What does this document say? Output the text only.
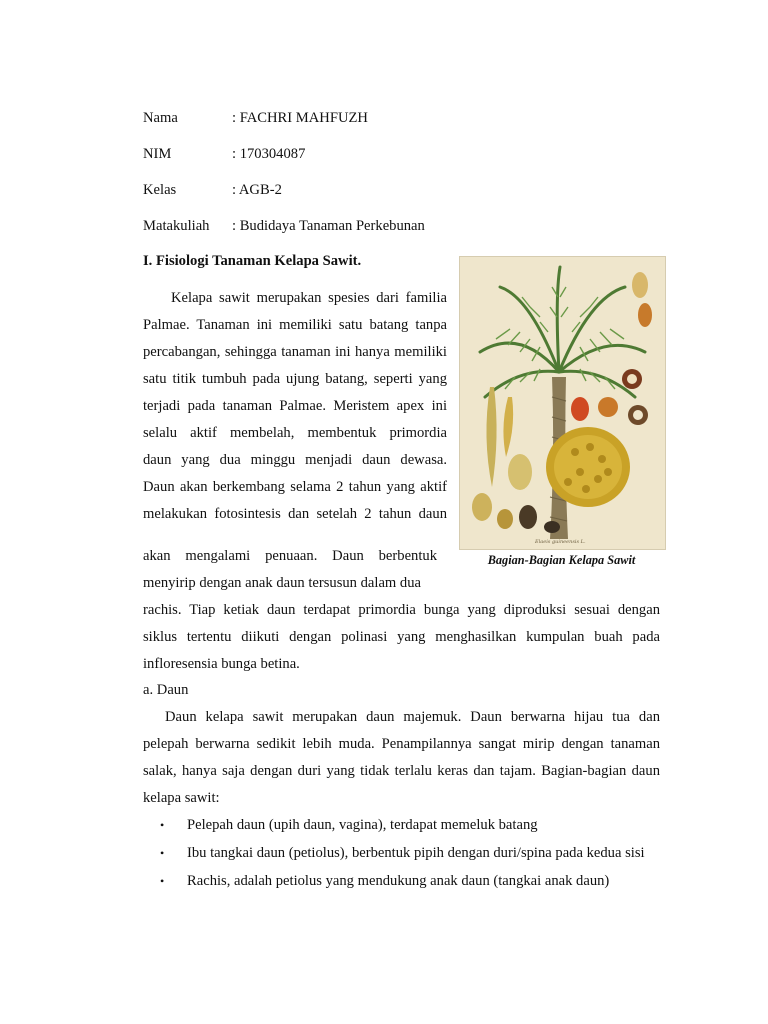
Nama	: FACHRI MAHFUZH
NIM	: 170304087
Kelas	: AGB-2
Matakuliah : Budidaya Tanaman Perkebunan
I. Fisiologi Tanaman Kelapa Sawit.
Elaeis guineensis L.
Bagian-Bagian Kelapa Sawit
Kelapa sawit merupakan spesies dari familia
Palmae. Tanaman ini memiliki satu batang tanpa
percabangan, sehingga tanaman ini hanya memiliki
satu titik tumbuh pada ujung batang, seperti yang
terjadi pada tanaman Palmae. Meristem apex ini
selalu aktif membelah, membentuk primordia
daun yang dua minggu menjadi daun dewasa.
Daun akan berkembang selama 2 tahun yang aktif
melakukan fotosintesis dan setelah 2 tahun daun
akan mengalami penuaan. Daun berbentuk
menyirip dengan anak daun tersusun dalam dua
rachis. Tiap ketiak daun terdapat primordia bunga yang diproduksi sesuai dengan
siklus tertentu diikuti dengan polinasi yang menghasilkan kumpulan buah pada
infloresensia bunga betina.
a. Daun
Daun kelapa sawit merupakan daun majemuk. Daun berwarna hijau tua dan
pelepah berwarna sedikit lebih muda. Penampilannya sangat mirip dengan tanaman
salak, hanya saja dengan duri yang tidak terlalu keras dan tajam. Bagian-bagian daun
kelapa sawit:
• Pelepah daun (upih daun, vagina), terdapat memeluk batang
• Ibu tangkai daun (petiolus), berbentuk pipih dengan duri/spina pada kedua sisi
• Rachis, adalah petiolus yang mendukung anak daun (tangkai anak daun)
